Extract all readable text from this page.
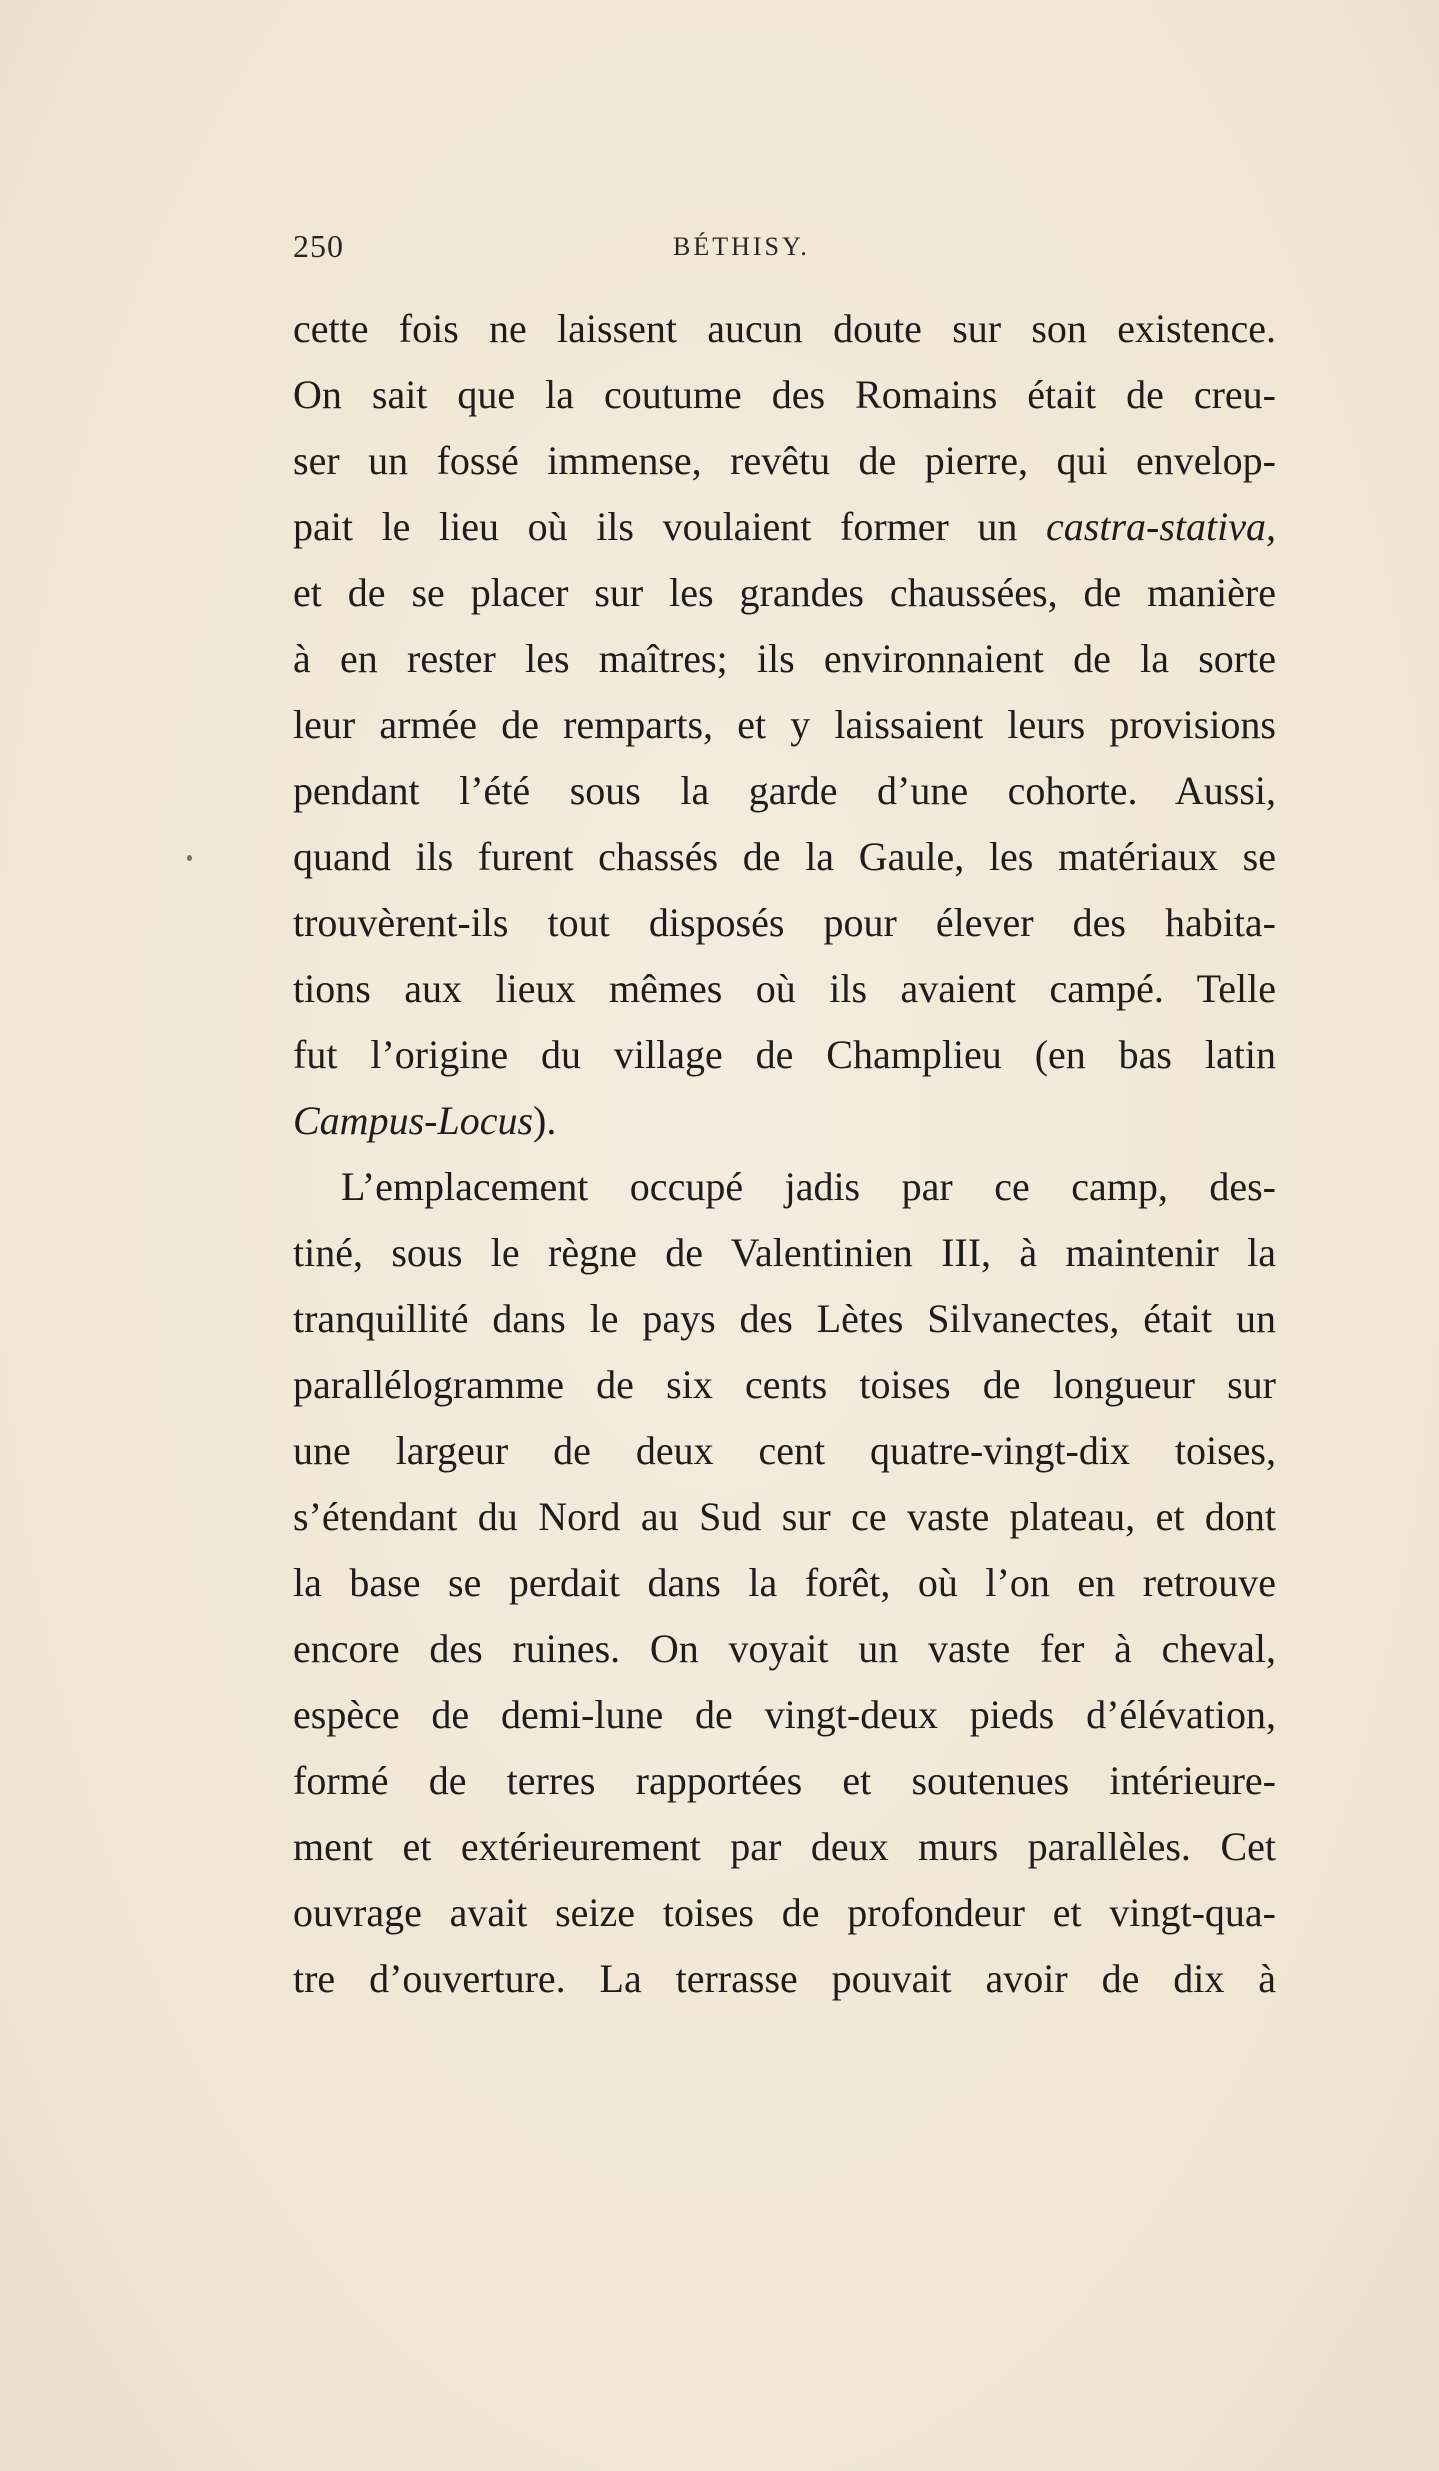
250	BÉTHISY.
cette fois ne laissent aucun doute sur son existence.
On sait que la coutume des Romains était de creu-
ser un fossé immense, revêtu de pierre, qui envelop-
pait le lieu où ils voulaient former un castra-stativa,
et de se placer sur les grandes chaussées, de manière
à en rester les maîtres; ils environnaient de la sorte
leur armée de remparts, et y laissaient leurs provisions
pendant l’été sous la garde d’une cohorte. Aussi,
quand ils furent chassés de la Gaule, les matériaux se
trouvèrent-ils tout disposés pour élever des habita-
tions aux lieux mêmes où ils avaient campé. Telle
fut l’origine du village de Champlieu (en bas latin
Campus-Locus).
L’emplacement occupé jadis par ce camp, des-
tiné, sous le règne de Valentinien III, à maintenir la
tranquillité dans le pays des Lètes Silvanectes, était un
parallélogramme de six cents toises de longueur sur
une largeur de deux cent quatre-vingt-dix toises,
s’étendant du Nord au Sud sur ce vaste plateau, et dont
la base se perdait dans la forêt, où l’on en retrouve
encore des ruines. On voyait un vaste fer à cheval,
espèce de demi-lune de vingt-deux pieds d’élévation,
formé de terres rapportées et soutenues intérieure-
ment et extérieurement par deux murs parallèles. Cet
ouvrage avait seize toises de profondeur et vingt-qua-
tre d’ouverture. La terrasse pouvait avoir de dix à
